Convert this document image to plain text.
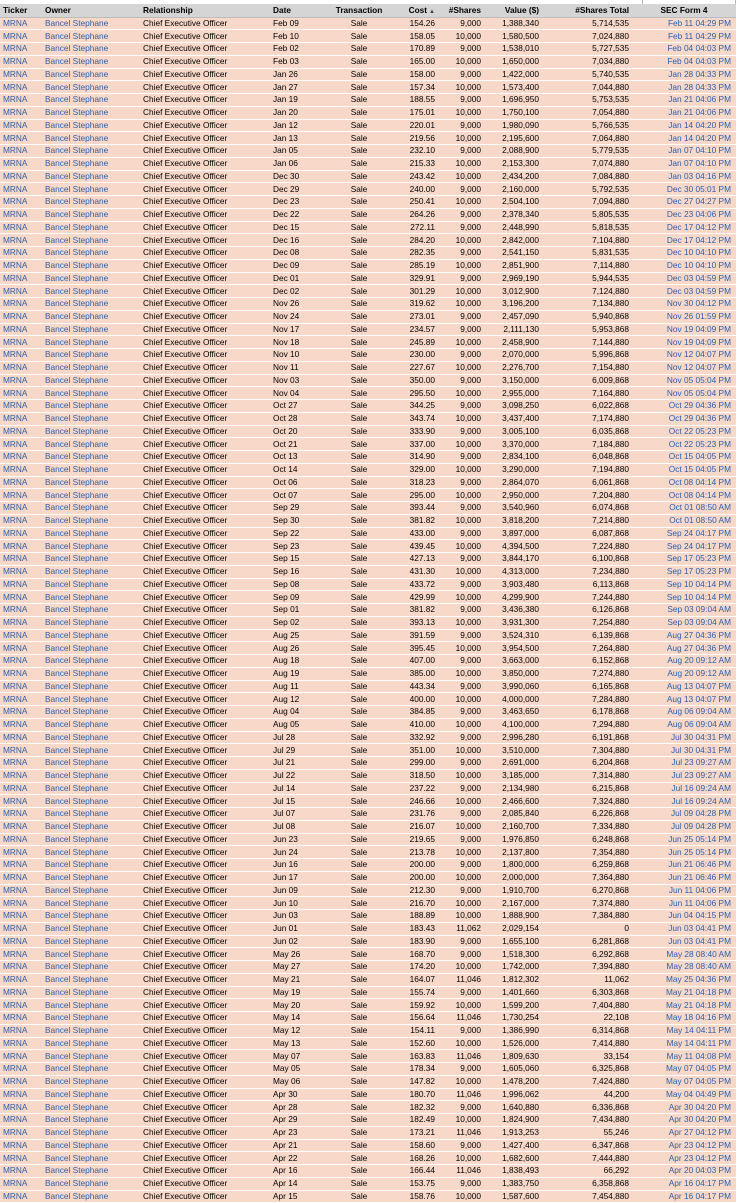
Ticker	Owner	Relationship	Date	Transaction	Cost ▲	#Shares	Value ($)	#Shares Total	SEC Form 4
MRNA	Bancel Stephane	Chief Executive Officer	Feb 09	Sale	154.26	9,000	1,388,340	5,714,535	Feb 11 04:29 PM
MRNA	Bancel Stephane	Chief Executive Officer	Feb 10	Sale	158.05	10,000	1,580,500	7,024,880	Feb 11 04:29 PM
MRNA	Bancel Stephane	Chief Executive Officer	Feb 02	Sale	170.89	9,000	1,538,010	5,727,535	Feb 04 04:03 PM
MRNA	Bancel Stephane	Chief Executive Officer	Feb 03	Sale	165.00	10,000	1,650,000	7,034,880	Feb 04 04:03 PM
MRNA	Bancel Stephane	Chief Executive Officer	Jan 26	Sale	158.00	9,000	1,422,000	5,740,535	Jan 28 04:33 PM
MRNA	Bancel Stephane	Chief Executive Officer	Jan 27	Sale	157.34	10,000	1,573,400	7,044,880	Jan 28 04:33 PM
MRNA	Bancel Stephane	Chief Executive Officer	Jan 19	Sale	188.55	9,000	1,696,950	5,753,535	Jan 21 04:06 PM
MRNA	Bancel Stephane	Chief Executive Officer	Jan 20	Sale	175.01	10,000	1,750,100	7,054,880	Jan 21 04:06 PM
MRNA	Bancel Stephane	Chief Executive Officer	Jan 12	Sale	220.01	9,000	1,980,090	5,766,535	Jan 14 04:20 PM
MRNA	Bancel Stephane	Chief Executive Officer	Jan 13	Sale	219.56	10,000	2,195,600	7,064,880	Jan 14 04:20 PM
MRNA	Bancel Stephane	Chief Executive Officer	Jan 05	Sale	232.10	9,000	2,088,900	5,779,535	Jan 07 04:10 PM
MRNA	Bancel Stephane	Chief Executive Officer	Jan 06	Sale	215.33	10,000	2,153,300	7,074,880	Jan 07 04:10 PM
MRNA	Bancel Stephane	Chief Executive Officer	Dec 30	Sale	243.42	10,000	2,434,200	7,084,880	Jan 03 04:16 PM
MRNA	Bancel Stephane	Chief Executive Officer	Dec 29	Sale	240.00	9,000	2,160,000	5,792,535	Dec 30 05:01 PM
MRNA	Bancel Stephane	Chief Executive Officer	Dec 23	Sale	250.41	10,000	2,504,100	7,094,880	Dec 27 04:27 PM
MRNA	Bancel Stephane	Chief Executive Officer	Dec 22	Sale	264.26	9,000	2,378,340	5,805,535	Dec 23 04:06 PM
MRNA	Bancel Stephane	Chief Executive Officer	Dec 15	Sale	272.11	9,000	2,448,990	5,818,535	Dec 17 04:12 PM
MRNA	Bancel Stephane	Chief Executive Officer	Dec 16	Sale	284.20	10,000	2,842,000	7,104,880	Dec 17 04:12 PM
MRNA	Bancel Stephane	Chief Executive Officer	Dec 08	Sale	282.35	9,000	2,541,150	5,831,535	Dec 10 04:10 PM
MRNA	Bancel Stephane	Chief Executive Officer	Dec 09	Sale	285.19	10,000	2,851,900	7,114,880	Dec 10 04:10 PM
MRNA	Bancel Stephane	Chief Executive Officer	Dec 01	Sale	329.91	9,000	2,969,190	5,944,535	Dec 03 04:59 PM
MRNA	Bancel Stephane	Chief Executive Officer	Dec 02	Sale	301.29	10,000	3,012,900	7,124,880	Dec 03 04:59 PM
MRNA	Bancel Stephane	Chief Executive Officer	Nov 26	Sale	319.62	10,000	3,196,200	7,134,880	Nov 30 04:12 PM
MRNA	Bancel Stephane	Chief Executive Officer	Nov 24	Sale	273.01	9,000	2,457,090	5,940,868	Nov 26 01:59 PM
MRNA	Bancel Stephane	Chief Executive Officer	Nov 17	Sale	234.57	9,000	2,111,130	5,953,868	Nov 19 04:09 PM
MRNA	Bancel Stephane	Chief Executive Officer	Nov 18	Sale	245.89	10,000	2,458,900	7,144,880	Nov 19 04:09 PM
MRNA	Bancel Stephane	Chief Executive Officer	Nov 10	Sale	230.00	9,000	2,070,000	5,996,868	Nov 12 04:07 PM
MRNA	Bancel Stephane	Chief Executive Officer	Nov 11	Sale	227.67	10,000	2,276,700	7,154,880	Nov 12 04:07 PM
MRNA	Bancel Stephane	Chief Executive Officer	Nov 03	Sale	350.00	9,000	3,150,000	6,009,868	Nov 05 05:04 PM
MRNA	Bancel Stephane	Chief Executive Officer	Nov 04	Sale	295.50	10,000	2,955,000	7,164,880	Nov 05 05:04 PM
MRNA	Bancel Stephane	Chief Executive Officer	Oct 27	Sale	344.25	9,000	3,098,250	6,022,868	Oct 29 04:36 PM
MRNA	Bancel Stephane	Chief Executive Officer	Oct 28	Sale	343.74	10,000	3,437,400	7,174,880	Oct 29 04:36 PM
MRNA	Bancel Stephane	Chief Executive Officer	Oct 20	Sale	333.90	9,000	3,005,100	6,035,868	Oct 22 05:23 PM
MRNA	Bancel Stephane	Chief Executive Officer	Oct 21	Sale	337.00	10,000	3,370,000	7,184,880	Oct 22 05:23 PM
MRNA	Bancel Stephane	Chief Executive Officer	Oct 13	Sale	314.90	9,000	2,834,100	6,048,868	Oct 15 04:05 PM
MRNA	Bancel Stephane	Chief Executive Officer	Oct 14	Sale	329.00	10,000	3,290,000	7,194,880	Oct 15 04:05 PM
MRNA	Bancel Stephane	Chief Executive Officer	Oct 06	Sale	318.23	9,000	2,864,070	6,061,868	Oct 08 04:14 PM
MRNA	Bancel Stephane	Chief Executive Officer	Oct 07	Sale	295.00	10,000	2,950,000	7,204,880	Oct 08 04:14 PM
MRNA	Bancel Stephane	Chief Executive Officer	Sep 29	Sale	393.44	9,000	3,540,960	6,074,868	Oct 01 08:50 AM
MRNA	Bancel Stephane	Chief Executive Officer	Sep 30	Sale	381.82	10,000	3,818,200	7,214,880	Oct 01 08:50 AM
MRNA	Bancel Stephane	Chief Executive Officer	Sep 22	Sale	433.00	9,000	3,897,000	6,087,868	Sep 24 04:17 PM
MRNA	Bancel Stephane	Chief Executive Officer	Sep 23	Sale	439.45	10,000	4,394,500	7,224,880	Sep 24 04:17 PM
MRNA	Bancel Stephane	Chief Executive Officer	Sep 15	Sale	427.13	9,000	3,844,170	6,100,868	Sep 17 05:23 PM
MRNA	Bancel Stephane	Chief Executive Officer	Sep 16	Sale	431.30	10,000	4,313,000	7,234,880	Sep 17 05:23 PM
MRNA	Bancel Stephane	Chief Executive Officer	Sep 08	Sale	433.72	9,000	3,903,480	6,113,868	Sep 10 04:14 PM
MRNA	Bancel Stephane	Chief Executive Officer	Sep 09	Sale	429.99	10,000	4,299,900	7,244,880	Sep 10 04:14 PM
MRNA	Bancel Stephane	Chief Executive Officer	Sep 01	Sale	381.82	9,000	3,436,380	6,126,868	Sep 03 09:04 AM
MRNA	Bancel Stephane	Chief Executive Officer	Sep 02	Sale	393.13	10,000	3,931,300	7,254,880	Sep 03 09:04 AM
MRNA	Bancel Stephane	Chief Executive Officer	Aug 25	Sale	391.59	9,000	3,524,310	6,139,868	Aug 27 04:36 PM
MRNA	Bancel Stephane	Chief Executive Officer	Aug 26	Sale	395.45	10,000	3,954,500	7,264,880	Aug 27 04:36 PM
MRNA	Bancel Stephane	Chief Executive Officer	Aug 18	Sale	407.00	9,000	3,663,000	6,152,868	Aug 20 09:12 AM
MRNA	Bancel Stephane	Chief Executive Officer	Aug 19	Sale	385.00	10,000	3,850,000	7,274,880	Aug 20 09:12 AM
MRNA	Bancel Stephane	Chief Executive Officer	Aug 11	Sale	443.34	9,000	3,990,060	6,165,868	Aug 13 04:07 PM
MRNA	Bancel Stephane	Chief Executive Officer	Aug 12	Sale	400.00	10,000	4,000,000	7,284,880	Aug 13 04:07 PM
MRNA	Bancel Stephane	Chief Executive Officer	Aug 04	Sale	384.85	9,000	3,463,650	6,178,868	Aug 06 09:04 AM
MRNA	Bancel Stephane	Chief Executive Officer	Aug 05	Sale	410.00	10,000	4,100,000	7,294,880	Aug 06 09:04 AM
MRNA	Bancel Stephane	Chief Executive Officer	Jul 28	Sale	332.92	9,000	2,996,280	6,191,868	Jul 30 04:31 PM
MRNA	Bancel Stephane	Chief Executive Officer	Jul 29	Sale	351.00	10,000	3,510,000	7,304,880	Jul 30 04:31 PM
MRNA	Bancel Stephane	Chief Executive Officer	Jul 21	Sale	299.00	9,000	2,691,000	6,204,868	Jul 23 09:27 AM
MRNA	Bancel Stephane	Chief Executive Officer	Jul 22	Sale	318.50	10,000	3,185,000	7,314,880	Jul 23 09:27 AM
MRNA	Bancel Stephane	Chief Executive Officer	Jul 14	Sale	237.22	9,000	2,134,980	6,215,868	Jul 16 09:24 AM
MRNA	Bancel Stephane	Chief Executive Officer	Jul 15	Sale	246.66	10,000	2,466,600	7,324,880	Jul 16 09:24 AM
MRNA	Bancel Stephane	Chief Executive Officer	Jul 07	Sale	231.76	9,000	2,085,840	6,226,868	Jul 09 04:28 PM
MRNA	Bancel Stephane	Chief Executive Officer	Jul 08	Sale	216.07	10,000	2,160,700	7,334,880	Jul 09 04:28 PM
MRNA	Bancel Stephane	Chief Executive Officer	Jun 23	Sale	219.65	9,000	1,976,850	6,248,868	Jun 25 05:14 PM
MRNA	Bancel Stephane	Chief Executive Officer	Jun 24	Sale	213.78	10,000	2,137,800	7,354,880	Jun 25 05:14 PM
MRNA	Bancel Stephane	Chief Executive Officer	Jun 16	Sale	200.00	9,000	1,800,000	6,259,868	Jun 21 06:46 PM
MRNA	Bancel Stephane	Chief Executive Officer	Jun 17	Sale	200.00	10,000	2,000,000	7,364,880	Jun 21 06:46 PM
MRNA	Bancel Stephane	Chief Executive Officer	Jun 09	Sale	212.30	9,000	1,910,700	6,270,868	Jun 11 04:06 PM
MRNA	Bancel Stephane	Chief Executive Officer	Jun 10	Sale	216.70	10,000	2,167,000	7,374,880	Jun 11 04:06 PM
MRNA	Bancel Stephane	Chief Executive Officer	Jun 03	Sale	188.89	10,000	1,888,900	7,384,880	Jun 04 04:15 PM
MRNA	Bancel Stephane	Chief Executive Officer	Jun 01	Sale	183.43	11,062	2,029,154	0	Jun 03 04:41 PM
MRNA	Bancel Stephane	Chief Executive Officer	Jun 02	Sale	183.90	9,000	1,655,100	6,281,868	Jun 03 04:41 PM
MRNA	Bancel Stephane	Chief Executive Officer	May 26	Sale	168.70	9,000	1,518,300	6,292,868	May 28 08:40 AM
MRNA	Bancel Stephane	Chief Executive Officer	May 27	Sale	174.20	10,000	1,742,000	7,394,880	May 28 08:40 AM
MRNA	Bancel Stephane	Chief Executive Officer	May 21	Sale	164.07	11,046	1,812,302	11,062	May 25 04:36 PM
MRNA	Bancel Stephane	Chief Executive Officer	May 19	Sale	155.74	9,000	1,401,660	6,303,868	May 21 04:18 PM
MRNA	Bancel Stephane	Chief Executive Officer	May 20	Sale	159.92	10,000	1,599,200	7,404,880	May 21 04:18 PM
MRNA	Bancel Stephane	Chief Executive Officer	May 14	Sale	156.64	11,046	1,730,254	22,108	May 18 04:16 PM
MRNA	Bancel Stephane	Chief Executive Officer	May 12	Sale	154.11	9,000	1,386,990	6,314,868	May 14 04:11 PM
MRNA	Bancel Stephane	Chief Executive Officer	May 13	Sale	152.60	10,000	1,526,000	7,414,880	May 14 04:11 PM
MRNA	Bancel Stephane	Chief Executive Officer	May 07	Sale	163.83	11,046	1,809,630	33,154	May 11 04:08 PM
MRNA	Bancel Stephane	Chief Executive Officer	May 05	Sale	178.34	9,000	1,605,060	6,325,868	May 07 04:05 PM
MRNA	Bancel Stephane	Chief Executive Officer	May 06	Sale	147.82	10,000	1,478,200	7,424,880	May 07 04:05 PM
MRNA	Bancel Stephane	Chief Executive Officer	Apr 30	Sale	180.70	11,046	1,996,062	44,200	May 04 04:49 PM
MRNA	Bancel Stephane	Chief Executive Officer	Apr 28	Sale	182.32	9,000	1,640,880	6,336,868	Apr 30 04:20 PM
MRNA	Bancel Stephane	Chief Executive Officer	Apr 29	Sale	182.49	10,000	1,824,900	7,434,880	Apr 30 04:20 PM
MRNA	Bancel Stephane	Chief Executive Officer	Apr 23	Sale	173.21	11,046	1,913,253	55,246	Apr 27 04:12 PM
MRNA	Bancel Stephane	Chief Executive Officer	Apr 21	Sale	158.60	9,000	1,427,400	6,347,868	Apr 23 04:12 PM
MRNA	Bancel Stephane	Chief Executive Officer	Apr 22	Sale	168.26	10,000	1,682,600	7,444,880	Apr 23 04:12 PM
MRNA	Bancel Stephane	Chief Executive Officer	Apr 16	Sale	166.44	11,046	1,838,493	66,292	Apr 20 04:03 PM
MRNA	Bancel Stephane	Chief Executive Officer	Apr 14	Sale	153.75	9,000	1,383,750	6,358,868	Apr 16 04:17 PM
MRNA	Bancel Stephane	Chief Executive Officer	Apr 15	Sale	158.76	10,000	1,587,600	7,454,880	Apr 16 04:17 PM
